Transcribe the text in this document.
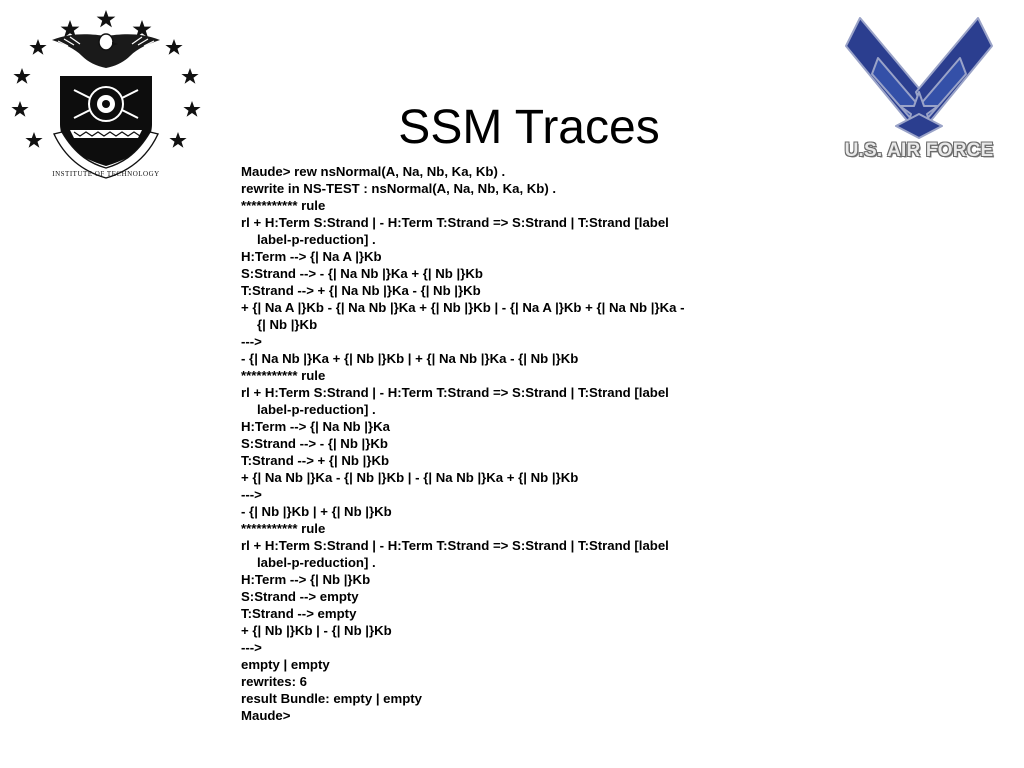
INSTITUTE OF TECHNOLOGY
U.S. AIR FORCE
SSM Traces
Maude> rew nsNormal(A, Na, Nb, Ka, Kb) .
rewrite in NS-TEST : nsNormal(A, Na, Nb, Ka, Kb) .
*********** rule
rl + H:Term S:Strand | - H:Term T:Strand => S:Strand | T:Strand [label
label-p-reduction] .
H:Term --> {| Na A |}Kb
S:Strand --> - {| Na Nb |}Ka + {| Nb |}Kb
T:Strand --> + {| Na Nb |}Ka - {| Nb |}Kb
+ {| Na A |}Kb - {| Na Nb |}Ka + {| Nb |}Kb | - {| Na A |}Kb + {| Na Nb |}Ka -
{| Nb |}Kb
--->
- {| Na Nb |}Ka + {| Nb |}Kb | + {| Na Nb |}Ka - {| Nb |}Kb
*********** rule
rl + H:Term S:Strand | - H:Term T:Strand => S:Strand | T:Strand [label
label-p-reduction] .
H:Term --> {| Na Nb |}Ka
S:Strand --> - {| Nb |}Kb
T:Strand --> + {| Nb |}Kb
+ {| Na Nb |}Ka - {| Nb |}Kb | - {| Na Nb |}Ka + {| Nb |}Kb
--->
- {| Nb |}Kb | + {| Nb |}Kb
*********** rule
rl + H:Term S:Strand | - H:Term T:Strand => S:Strand | T:Strand [label
label-p-reduction] .
H:Term --> {| Nb |}Kb
S:Strand --> empty
T:Strand --> empty
+ {| Nb |}Kb | - {| Nb |}Kb
--->
empty | empty
rewrites: 6
result Bundle: empty | empty
Maude>
